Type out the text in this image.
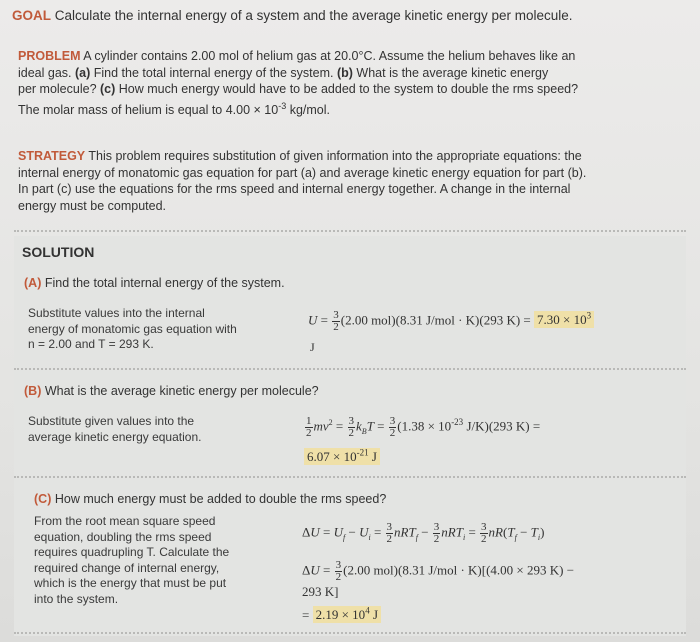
GOAL Calculate the internal energy of a system and the average kinetic energy per molecule.
PROBLEM A cylinder contains 2.00 mol of helium gas at 20.0°C. Assume the helium behaves like an
ideal gas. (a) Find the total internal energy of the system. (b) What is the average kinetic energy
per molecule? (c) How much energy would have to be added to the system to double the rms speed?
The molar mass of helium is equal to $4.00 \times 10^{-3}$ kg/mol.
STRATEGY This problem requires substitution of given information into the appropriate equations: the
internal energy of monatomic gas equation for part (a) and average kinetic energy equation for part (b).
In part (c) use the equations for the rms speed and internal energy together. A change in the internal
energy must be computed.
SOLUTION
(A) Find the total internal energy of the system.
Substitute values into the internal
energy of monatomic gas equation with
n = 2.00 and T = 293 K.
$U = \frac{3}{2} (2.00$ mol)(8.31 J/mol · K)(293 $K) = 7.30 \times 10^3$
J
(B) What is the average kinetic energy per molecule?
Substitute given values into the
average kinetic energy equation.	$\frac{1}{2} mv^2 = \frac{3}{2} k_BT = \frac{3}{2} (1.38 \times 10^{-23}$ J/K)(293 K) =
$6.07 \times 10^{-21}$ J
(C) How much energy must be added to double the rms speed?
From the root mean square speed
equation, doubling the rms speed
requires quadrupling T. Calculate the
required change of internal energy,
which is the energy that must be put
into the system.
$\Delta U = U_f - U_i = \frac{3}{2} nRT_f - \frac{3}{2} nRT_i = \frac{3}{2} nR(T_f - T_i)$
$\Delta U = \frac{3}{2} (2.00$ mol)(8.31 J/mol · K)[(4.00 × 293 K) −
293 K]
= $2.19 \times 10^4$ J
